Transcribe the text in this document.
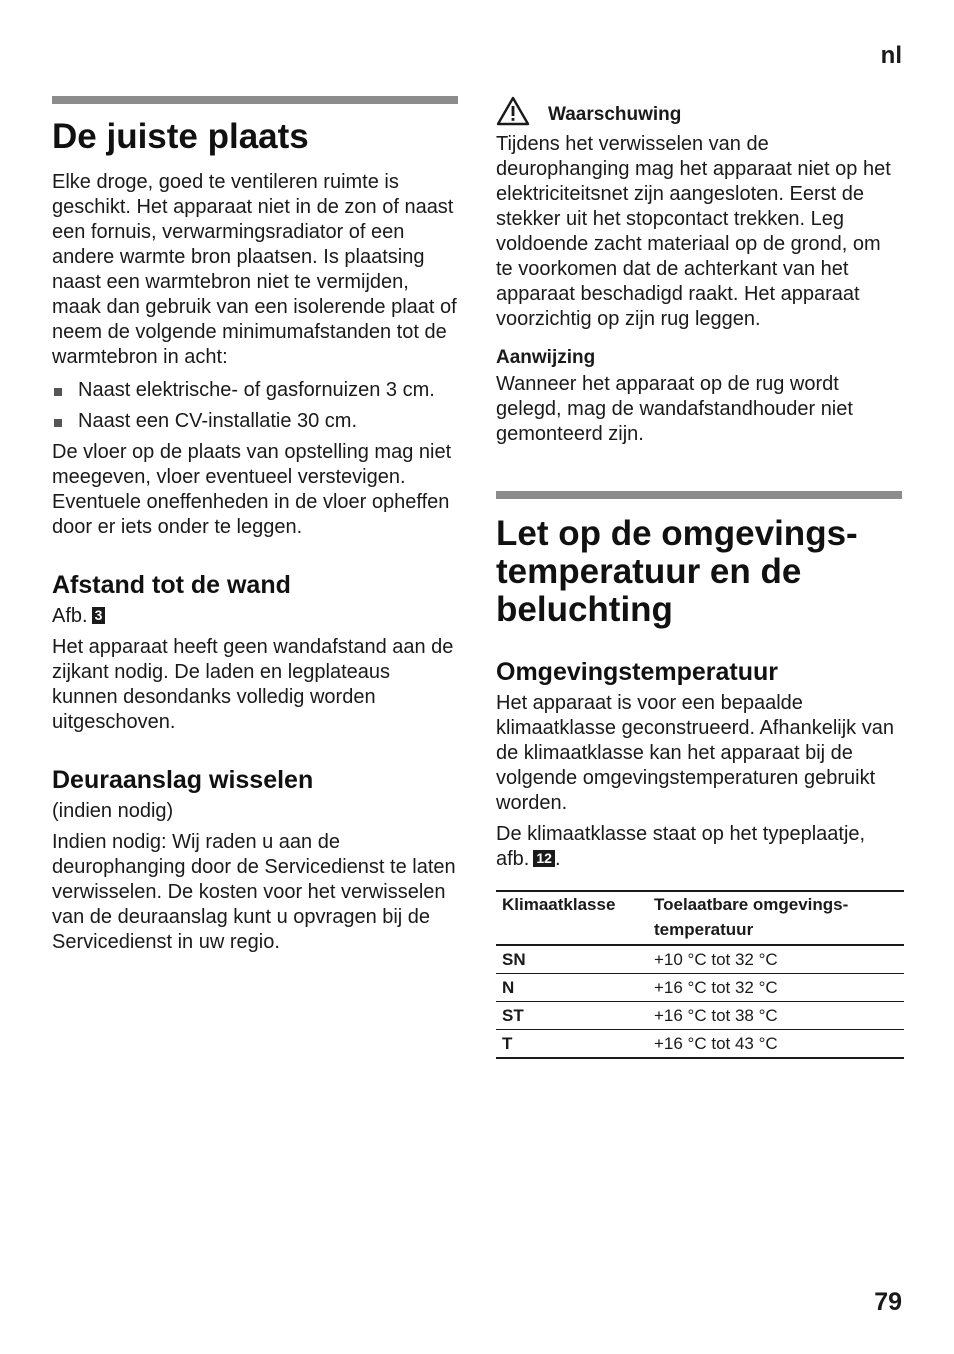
nl
De juiste plaats

Elke droge, goed te ventileren ruimte is geschikt. Het apparaat niet in de zon of naast een fornuis, verwarmingsradiator of een andere warmte bron plaatsen. Is plaatsing naast een warmtebron niet te vermijden, maak dan gebruik van een isolerende plaat of neem de volgende minimumafstanden tot de warmtebron in acht:

Naast elektrische- of gasfornuizen 3 cm.
Naast een CV-installatie 30 cm.

De vloer op de plaats van opstelling mag niet meegeven, vloer eventueel verstevigen. Eventuele oneffenheden in de vloer opheffen door er iets onder te leggen.

Afstand tot de wand

Afb. 3

Het apparaat heeft geen wandafstand aan de zijkant nodig. De laden en legplateaus kunnen desondanks volledig worden uitgeschoven.

Deuraanslag wisselen

(indien nodig)

Indien nodig: Wij raden u aan de deurophanging door de Servicedienst te laten verwisselen. De kosten voor het verwisselen van de deuraanslag kunt u opvragen bij de Servicedienst in uw regio.

Waarschuwing

Tijdens het verwisselen van de deurophanging mag het apparaat niet op het elektriciteitsnet zijn aangesloten. Eerst de stekker uit het stopcontact trekken. Leg voldoende zacht materiaal op de grond, om te voorkomen dat de achterkant van het apparaat beschadigd raakt. Het apparaat voorzichtig op zijn rug leggen.

Aanwijzing

Wanneer het apparaat op de rug wordt gelegd, mag de wandafstandhouder niet gemonteerd zijn.

Let op de omgevings-temperatuur en de beluchting
Omgevingstemperatuur

Het apparaat is voor een bepaalde klimaatklasse geconstrueerd. Afhankelijk van de klimaatklasse kan het apparaat bij de volgende omgevingstemperaturen gebruikt worden.

De klimaatklasse staat op het typeplaatje, afb. 12 .

Klimaatklasse	Toelaatbare omgevings-temperatuur
SN	+10 °C tot 32 °C
N	+16 °C tot 32 °C
ST	+16 °C tot 38 °C
T	+16 °C tot 43 °C
79
